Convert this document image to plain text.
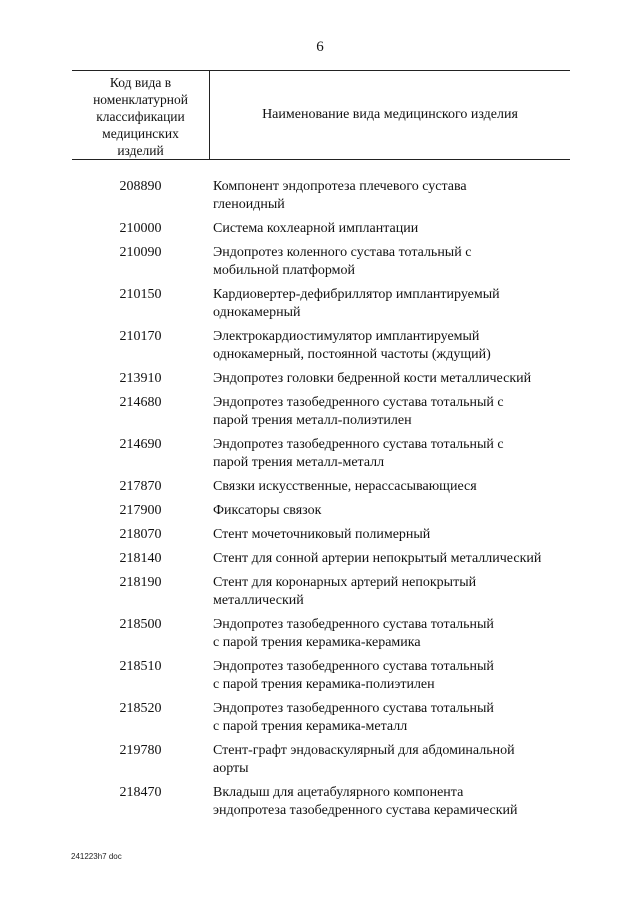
6
Код вида в
номенклатурной
классификации
медицинских
изделий
Наименование вида медицинского изделия
208890	Компонент эндопротеза плечевого сустава
гленоидный
210000	Система кохлеарной имплантации
210090	Эндопротез коленного сустава тотальный с
мобильной платформой
210150	Кардиовертер-дефибриллятор имплантируемый
однокамерный
210170	Электрокардиостимулятор имплантируемый
однокамерный, постоянной частоты (ждущий)
213910	Эндопротез головки бедренной кости металлический
214680	Эндопротез тазобедренного сустава тотальный с
парой трения металл-полиэтилен
214690	Эндопротез тазобедренного сустава тотальный с
парой трения металл-металл
217870	Связки искусственные, нерассасывающиеся
217900	Фиксаторы связок
218070	Стент мочеточниковый полимерный
218140	Стент для сонной артерии непокрытый металлический
218190	Стент для коронарных артерий непокрытый
металлический
218500	Эндопротез тазобедренного сустава тотальный
с парой трения керамика-керамика
218510	Эндопротез тазобедренного сустава тотальный
с парой трения керамика-полиэтилен
218520	Эндопротез тазобедренного сустава тотальный
с парой трения керамика-металл
219780	Стент-графт эндоваскулярный для абдоминальной
аорты
218470	Вкладыш для ацетабулярного компонента
эндопротеза тазобедренного сустава керамический
241223h7 doc
